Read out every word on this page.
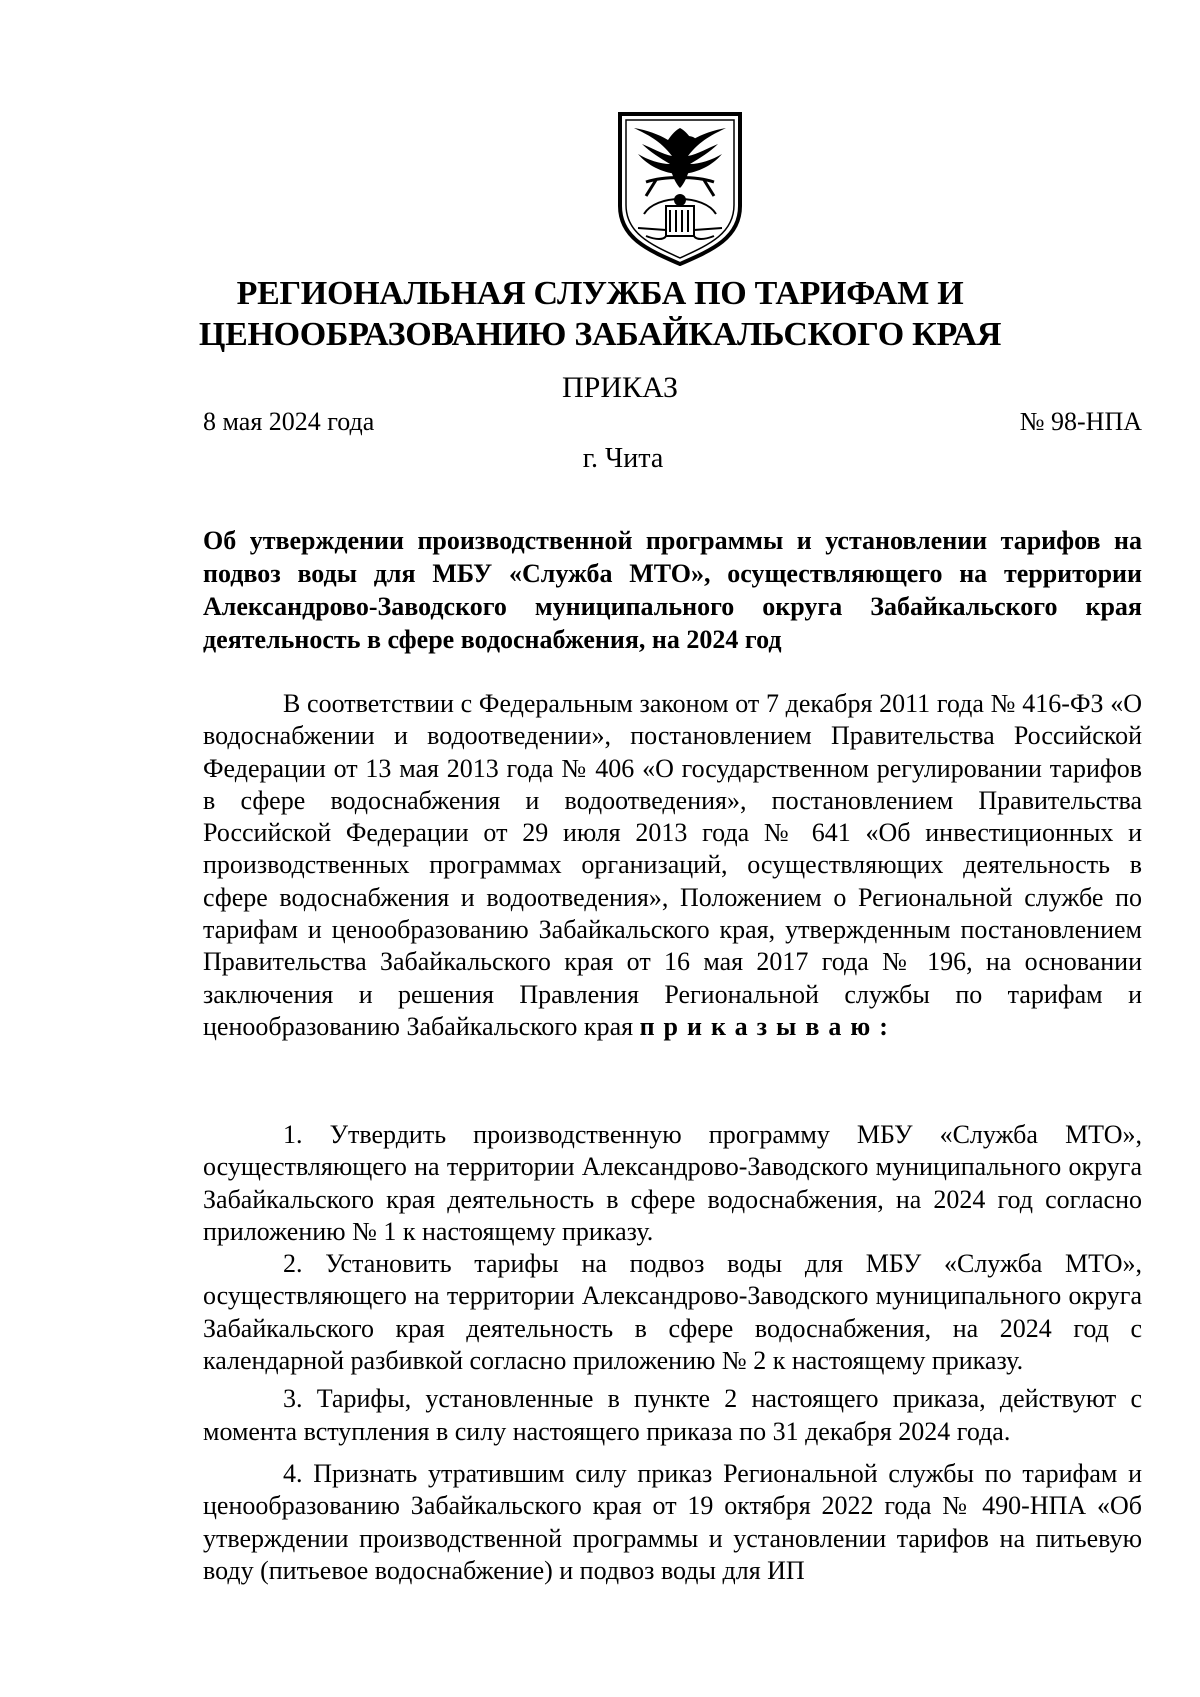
РЕГИОНАЛЬНАЯ СЛУЖБА ПО ТАРИФАМ И
ЦЕНООБРАЗОВАНИЮ ЗАБАЙКАЛЬСКОГО КРАЯ
ПРИКАЗ
8 мая 2024 года	№ 98-НПА
г. Чита
Об утверждении производственной программы и установлении тарифов на подвоз воды для МБУ «Служба МТО», осуществляющего на территории Александрово-Заводского муниципального округа Забайкальского края деятельность в сфере водоснабжения, на 2024 год

В соответствии с Федеральным законом от 7 декабря 2011 года № 416-ФЗ «О водоснабжении и водоотведении», постановлением Правительства Российской Федерации от 13 мая 2013 года № 406 «О государственном регулировании тарифов в сфере водоснабжения и водоотведения», постановлением Правительства Российской Федерации от 29 июля 2013 года № 641 «Об инвестиционных и производственных программах организаций, осуществляющих деятельность в сфере водоснабжения и водоотведения», Положением о Региональной службе по тарифам и ценообразованию Забайкальского края, утвержденным постановлением Правительства Забайкальского края от 16 мая 2017 года № 196, на основании заключения и решения Правления Региональной службы по тарифам и ценообразованию Забайкальского края приказываю:

1. Утвердить производственную программу МБУ «Служба МТО», осуществляющего на территории Александрово-Заводского муниципального округа Забайкальского края деятельность в сфере водоснабжения, на 2024 год согласно приложению № 1 к настоящему приказу.

2. Установить тарифы на подвоз воды для МБУ «Служба МТО», осуществляющего на территории Александрово-Заводского муниципального округа Забайкальского края деятельность в сфере водоснабжения, на 2024 год с календарной разбивкой согласно приложению № 2 к настоящему приказу.

3. Тарифы, установленные в пункте 2 настоящего приказа, действуют с момента вступления в силу настоящего приказа по 31 декабря 2024 года.

4. Признать утратившим силу приказ Региональной службы по тарифам и ценообразованию Забайкальского края от 19 октября 2022 года № 490-НПА «Об утверждении производственной программы и установлении тарифов на питьевую воду (питьевое водоснабжение) и подвоз воды для ИП
